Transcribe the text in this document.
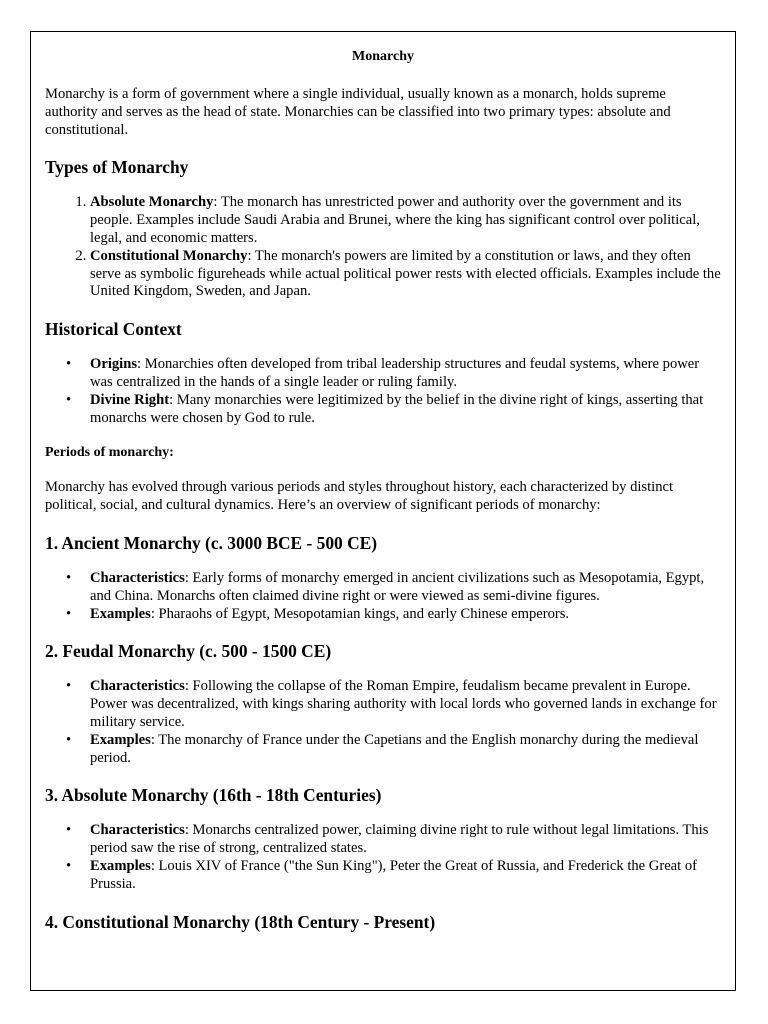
Monarchy

Monarchy is a form of government where a single individual, usually known as a monarch, holds supreme authority and serves as the head of state. Monarchies can be classified into two primary types: absolute and constitutional.

Types of Monarchy
1. Absolute Monarchy: The monarch has unrestricted power and authority over the government and its people. Examples include Saudi Arabia and Brunei, where the king has significant control over political, legal, and economic matters.
2. Constitutional Monarchy: The monarch's powers are limited by a constitution or laws, and they often serve as symbolic figureheads while actual political power rests with elected officials. Examples include the United Kingdom, Sweden, and Japan.
Historical Context
• Origins: Monarchies often developed from tribal leadership structures and feudal systems, where power was centralized in the hands of a single leader or ruling family.
• Divine Right: Many monarchies were legitimized by the belief in the divine right of kings, asserting that monarchs were chosen by God to rule.
Periods of monarchy:

Monarchy has evolved through various periods and styles throughout history, each characterized by distinct political, social, and cultural dynamics. Here’s an overview of significant periods of monarchy:

1. Ancient Monarchy (c. 3000 BCE - 500 CE)
• Characteristics: Early forms of monarchy emerged in ancient civilizations such as Mesopotamia, Egypt, and China. Monarchs often claimed divine right or were viewed as semi-divine figures.
• Examples: Pharaohs of Egypt, Mesopotamian kings, and early Chinese emperors.
2. Feudal Monarchy (c. 500 - 1500 CE)
• Characteristics: Following the collapse of the Roman Empire, feudalism became prevalent in Europe. Power was decentralized, with kings sharing authority with local lords who governed lands in exchange for military service.
• Examples: The monarchy of France under the Capetians and the English monarchy during the medieval period.
3. Absolute Monarchy (16th - 18th Centuries)
• Characteristics: Monarchs centralized power, claiming divine right to rule without legal limitations. This period saw the rise of strong, centralized states.
• Examples: Louis XIV of France ("the Sun King"), Peter the Great of Russia, and Frederick the Great of Prussia.
4. Constitutional Monarchy (18th Century - Present)
